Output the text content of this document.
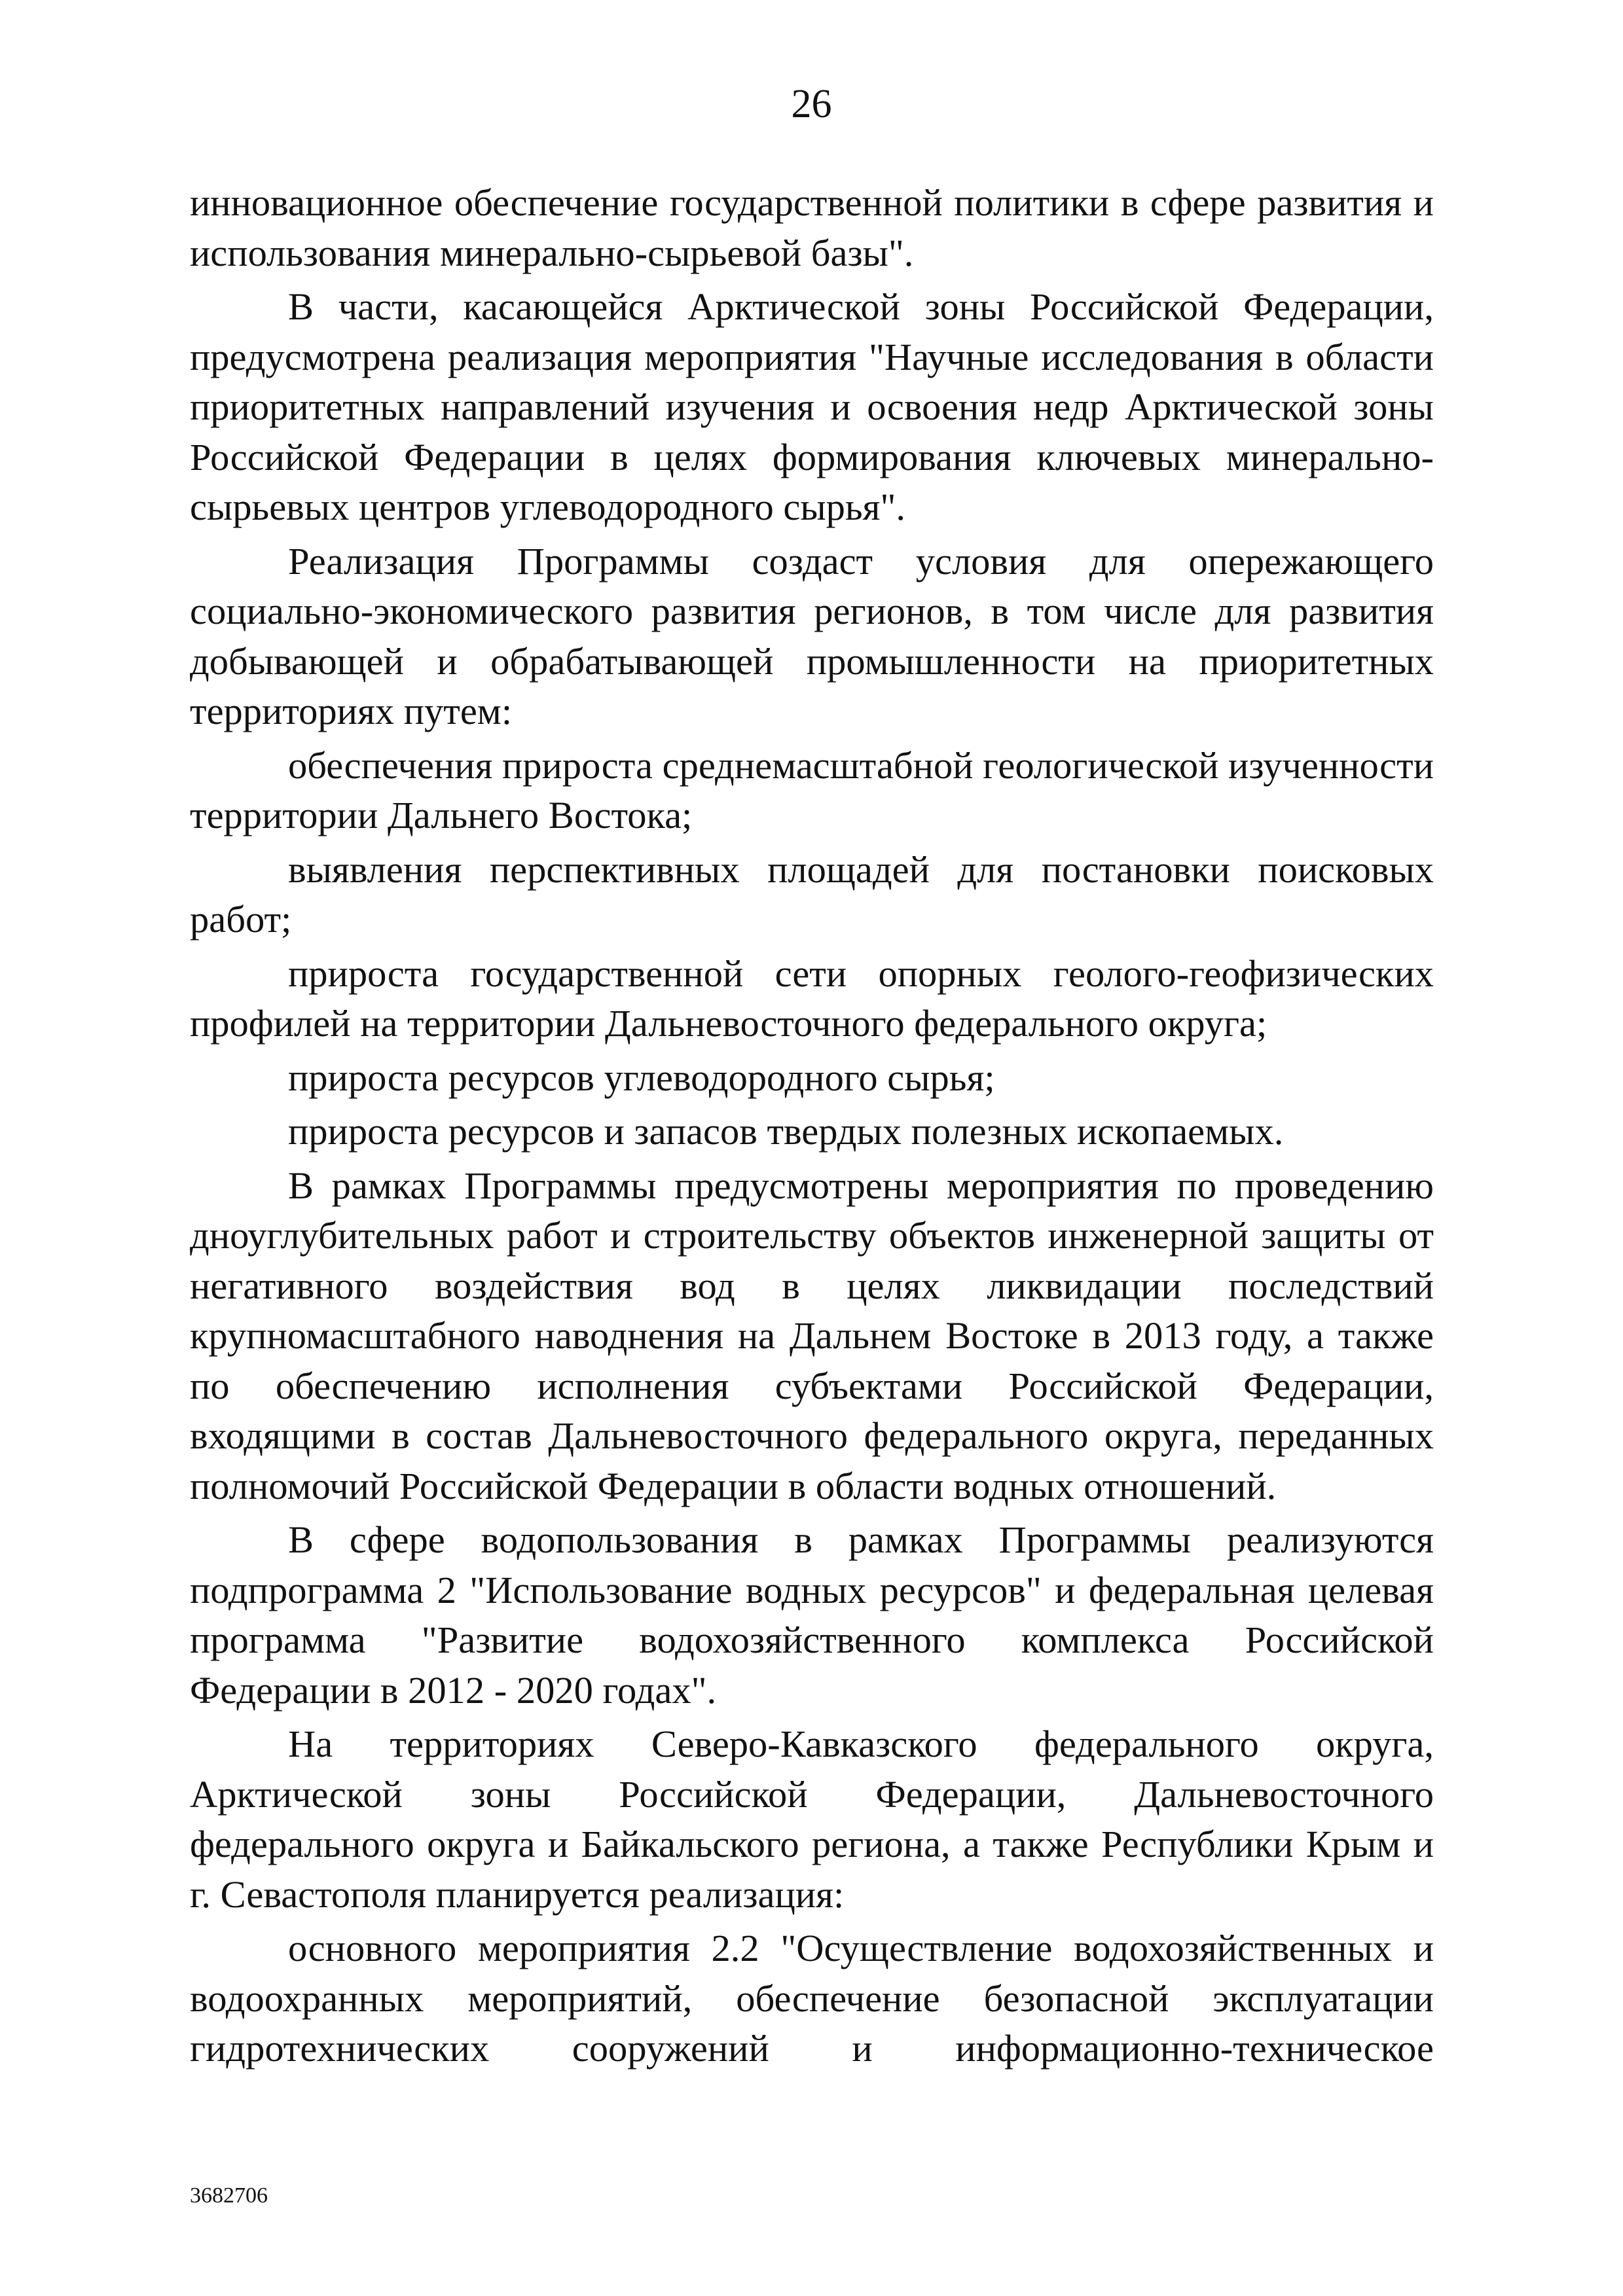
26

инновационное обеспечение государственной политики в сфере развития и использования минерально-сырьевой базы".

В части, касающейся Арктической зоны Российской Федерации, предусмотрена реализация мероприятия "Научные исследования в области приоритетных направлений изучения и освоения недр Арктической зоны Российской Федерации в целях формирования ключевых минерально-сырьевых центров углеводородного сырья".

Реализация Программы создаст условия для опережающего социально-экономического развития регионов, в том числе для развития добывающей и обрабатывающей промышленности на приоритетных территориях путем:

обеспечения прироста среднемасштабной геологической изученности территории Дальнего Востока;

выявления перспективных площадей для постановки поисковых работ;

прироста государственной сети опорных геолого-геофизических профилей на территории Дальневосточного федерального округа;

прироста ресурсов углеводородного сырья;

прироста ресурсов и запасов твердых полезных ископаемых.

В рамках Программы предусмотрены мероприятия по проведению дноуглубительных работ и строительству объектов инженерной защиты от негативного воздействия вод в целях ликвидации последствий крупномасштабного наводнения на Дальнем Востоке в 2013 году, а также по обеспечению исполнения субъектами Российской Федерации, входящими в состав Дальневосточного федерального округа, переданных полномочий Российской Федерации в области водных отношений.

В сфере водопользования в рамках Программы реализуются подпрограмма 2 "Использование водных ресурсов" и федеральная целевая программа "Развитие водохозяйственного комплекса Российской Федерации в 2012 - 2020 годах".

На территориях Северо-Кавказского федерального округа, Арктической зоны Российской Федерации, Дальневосточного федерального округа и Байкальского региона, а также Республики Крым и г. Севастополя планируется реализация:

основного мероприятия 2.2 "Осуществление водохозяйственных и водоохранных мероприятий, обеспечение безопасной эксплуатации гидротехнических сооружений и информационно-техническое

3682706
